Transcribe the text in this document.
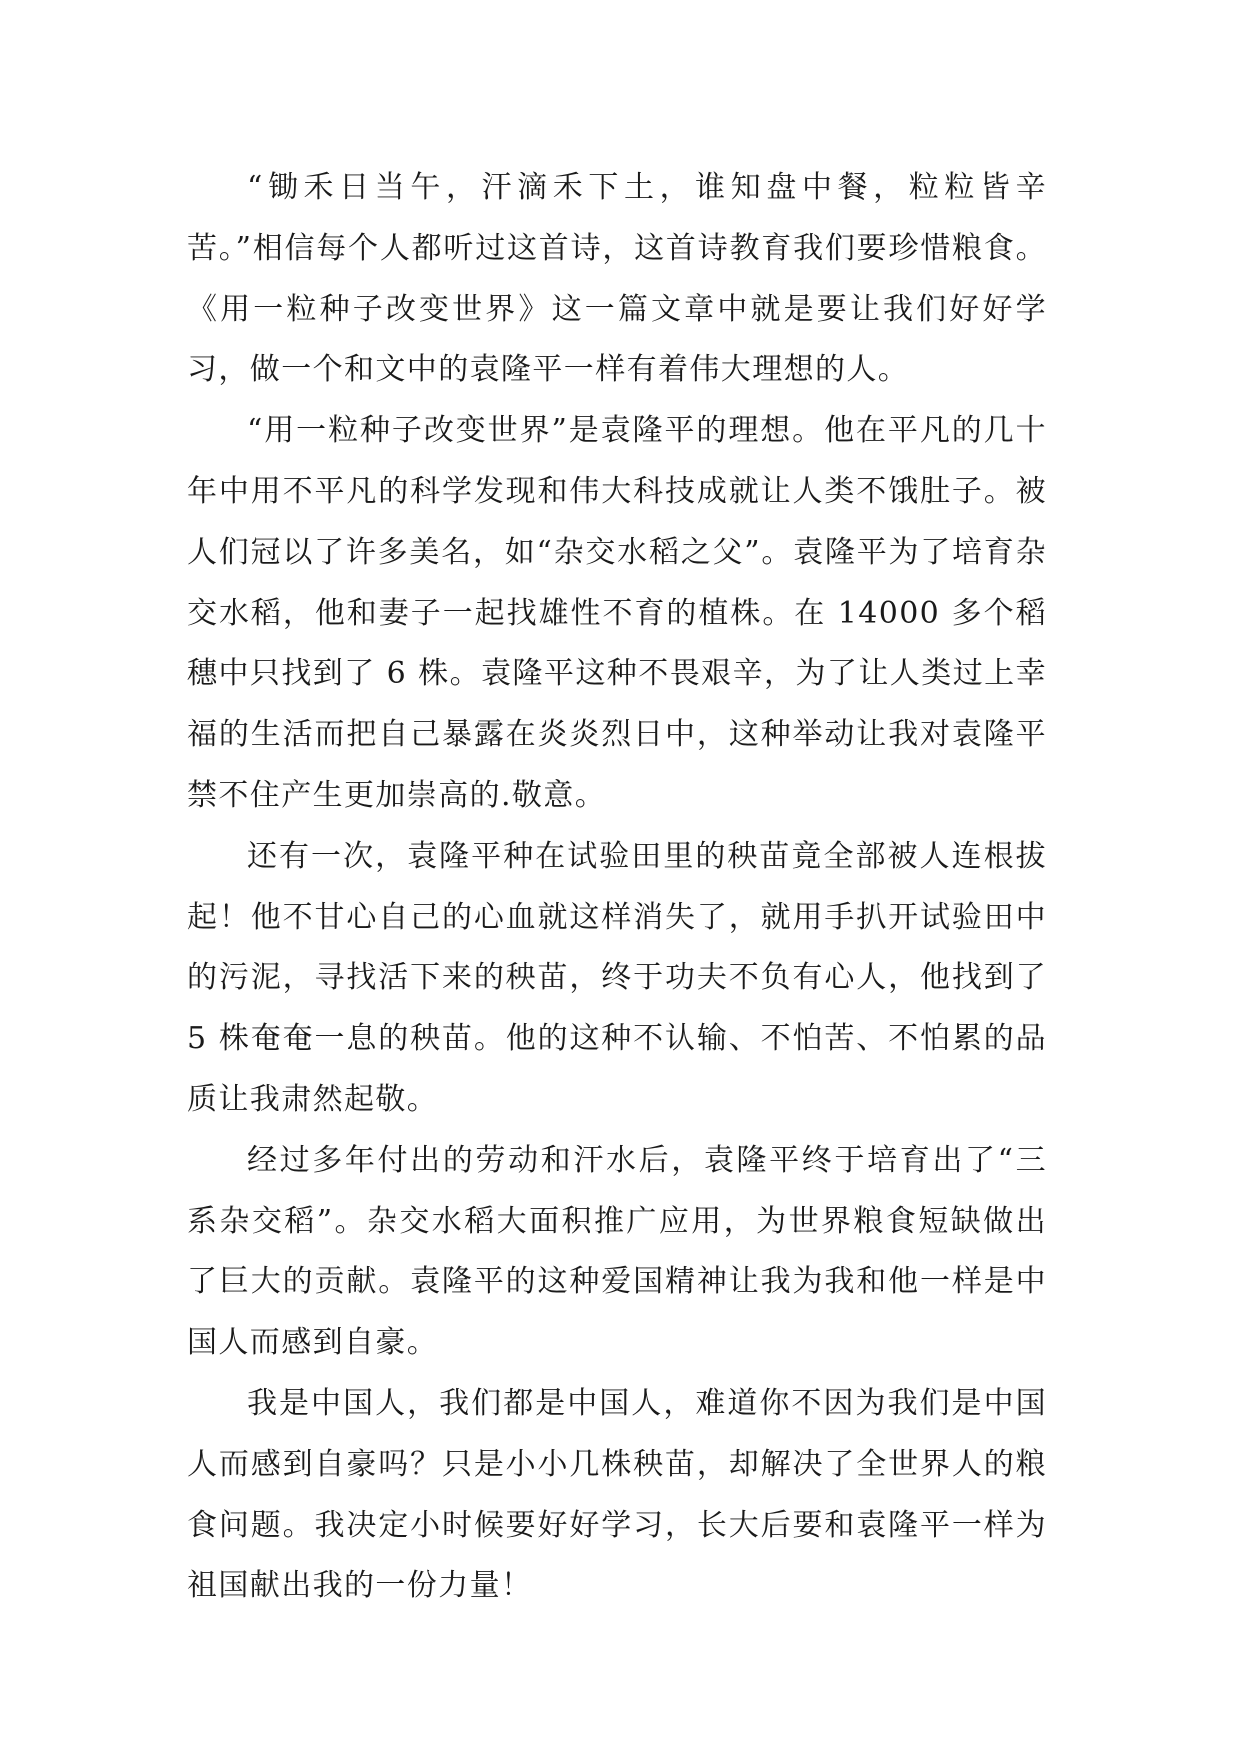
“锄禾日当午，汗滴禾下土，谁知盘中餐，粒粒皆辛苦。”相信每个人都听过这首诗，这首诗教育我们要珍惜粮食。《用一粒种子改变世界》这一篇文章中就是要让我们好好学习，做一个和文中的袁隆平一样有着伟大理想的人。

“用一粒种子改变世界”是袁隆平的理想。他在平凡的几十年中用不平凡的科学发现和伟大科技成就让人类不饿肚子。被人们冠以了许多美名，如“杂交水稻之父”。袁隆平为了培育杂交水稻，他和妻子一起找雄性不育的植株。在 14000 多个稻穗中只找到了 6 株。袁隆平这种不畏艰辛，为了让人类过上幸福的生活而把自己暴露在炎炎烈日中，这种举动让我对袁隆平禁不住产生更加崇高的.敬意。

还有一次，袁隆平种在试验田里的秧苗竟全部被人连根拔起！他不甘心自己的心血就这样消失了，就用手扒开试验田中的污泥，寻找活下来的秧苗，终于功夫不负有心人，他找到了 5 株奄奄一息的秧苗。他的这种不认输、不怕苦、不怕累的品质让我肃然起敬。

经过多年付出的劳动和汗水后，袁隆平终于培育出了“三系杂交稻”。杂交水稻大面积推广应用，为世界粮食短缺做出了巨大的贡献。袁隆平的这种爱国精神让我为我和他一样是中国人而感到自豪。

我是中国人，我们都是中国人，难道你不因为我们是中国人而感到自豪吗？只是小小几株秧苗，却解决了全世界人的粮食问题。我决定小时候要好好学习，长大后要和袁隆平一样为祖国献出我的一份力量！
